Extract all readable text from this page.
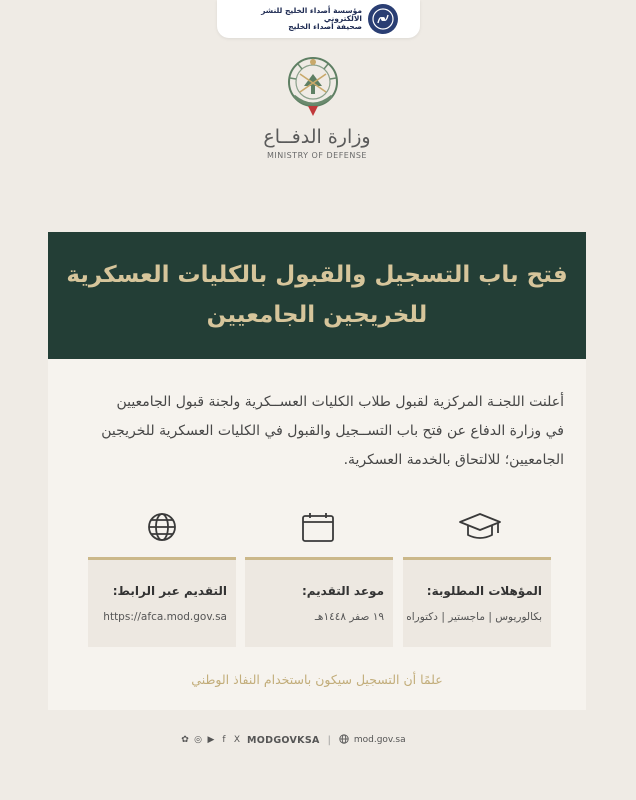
مؤسسة أصداء الخليج للنشر الالكتروني
صحيفة أصداء الخليج
وزارة الدفــاع
MINISTRY OF DEFENSE
فتح باب التسجيل والقبول بالكليات العسكرية
للخريجين الجامعيين
أعلنت اللجنـة المركزية لقبول طلاب الكليات العســكرية ولجنة قبول الجامعيين
في وزارة الدفاع عن فتح باب التســجيل والقبول في الكليات العسكرية للخريجين
الجامعيين؛ للالتحاق بالخدمة العسكرية.
التقديم عبر الرابط:
https://afca.mod.gov.sa
موعد التقديم:
١٩ صفر ١٤٤٨هـ
المؤهلات المطلوبة:
بكالوريوس | ماجستير | دكتوراه
علمًا أن التسجيل سيكون باستخدام النفاذ الوطني
✿ ◎ ▶ f X MODGOVKSA |	mod.gov.sa
